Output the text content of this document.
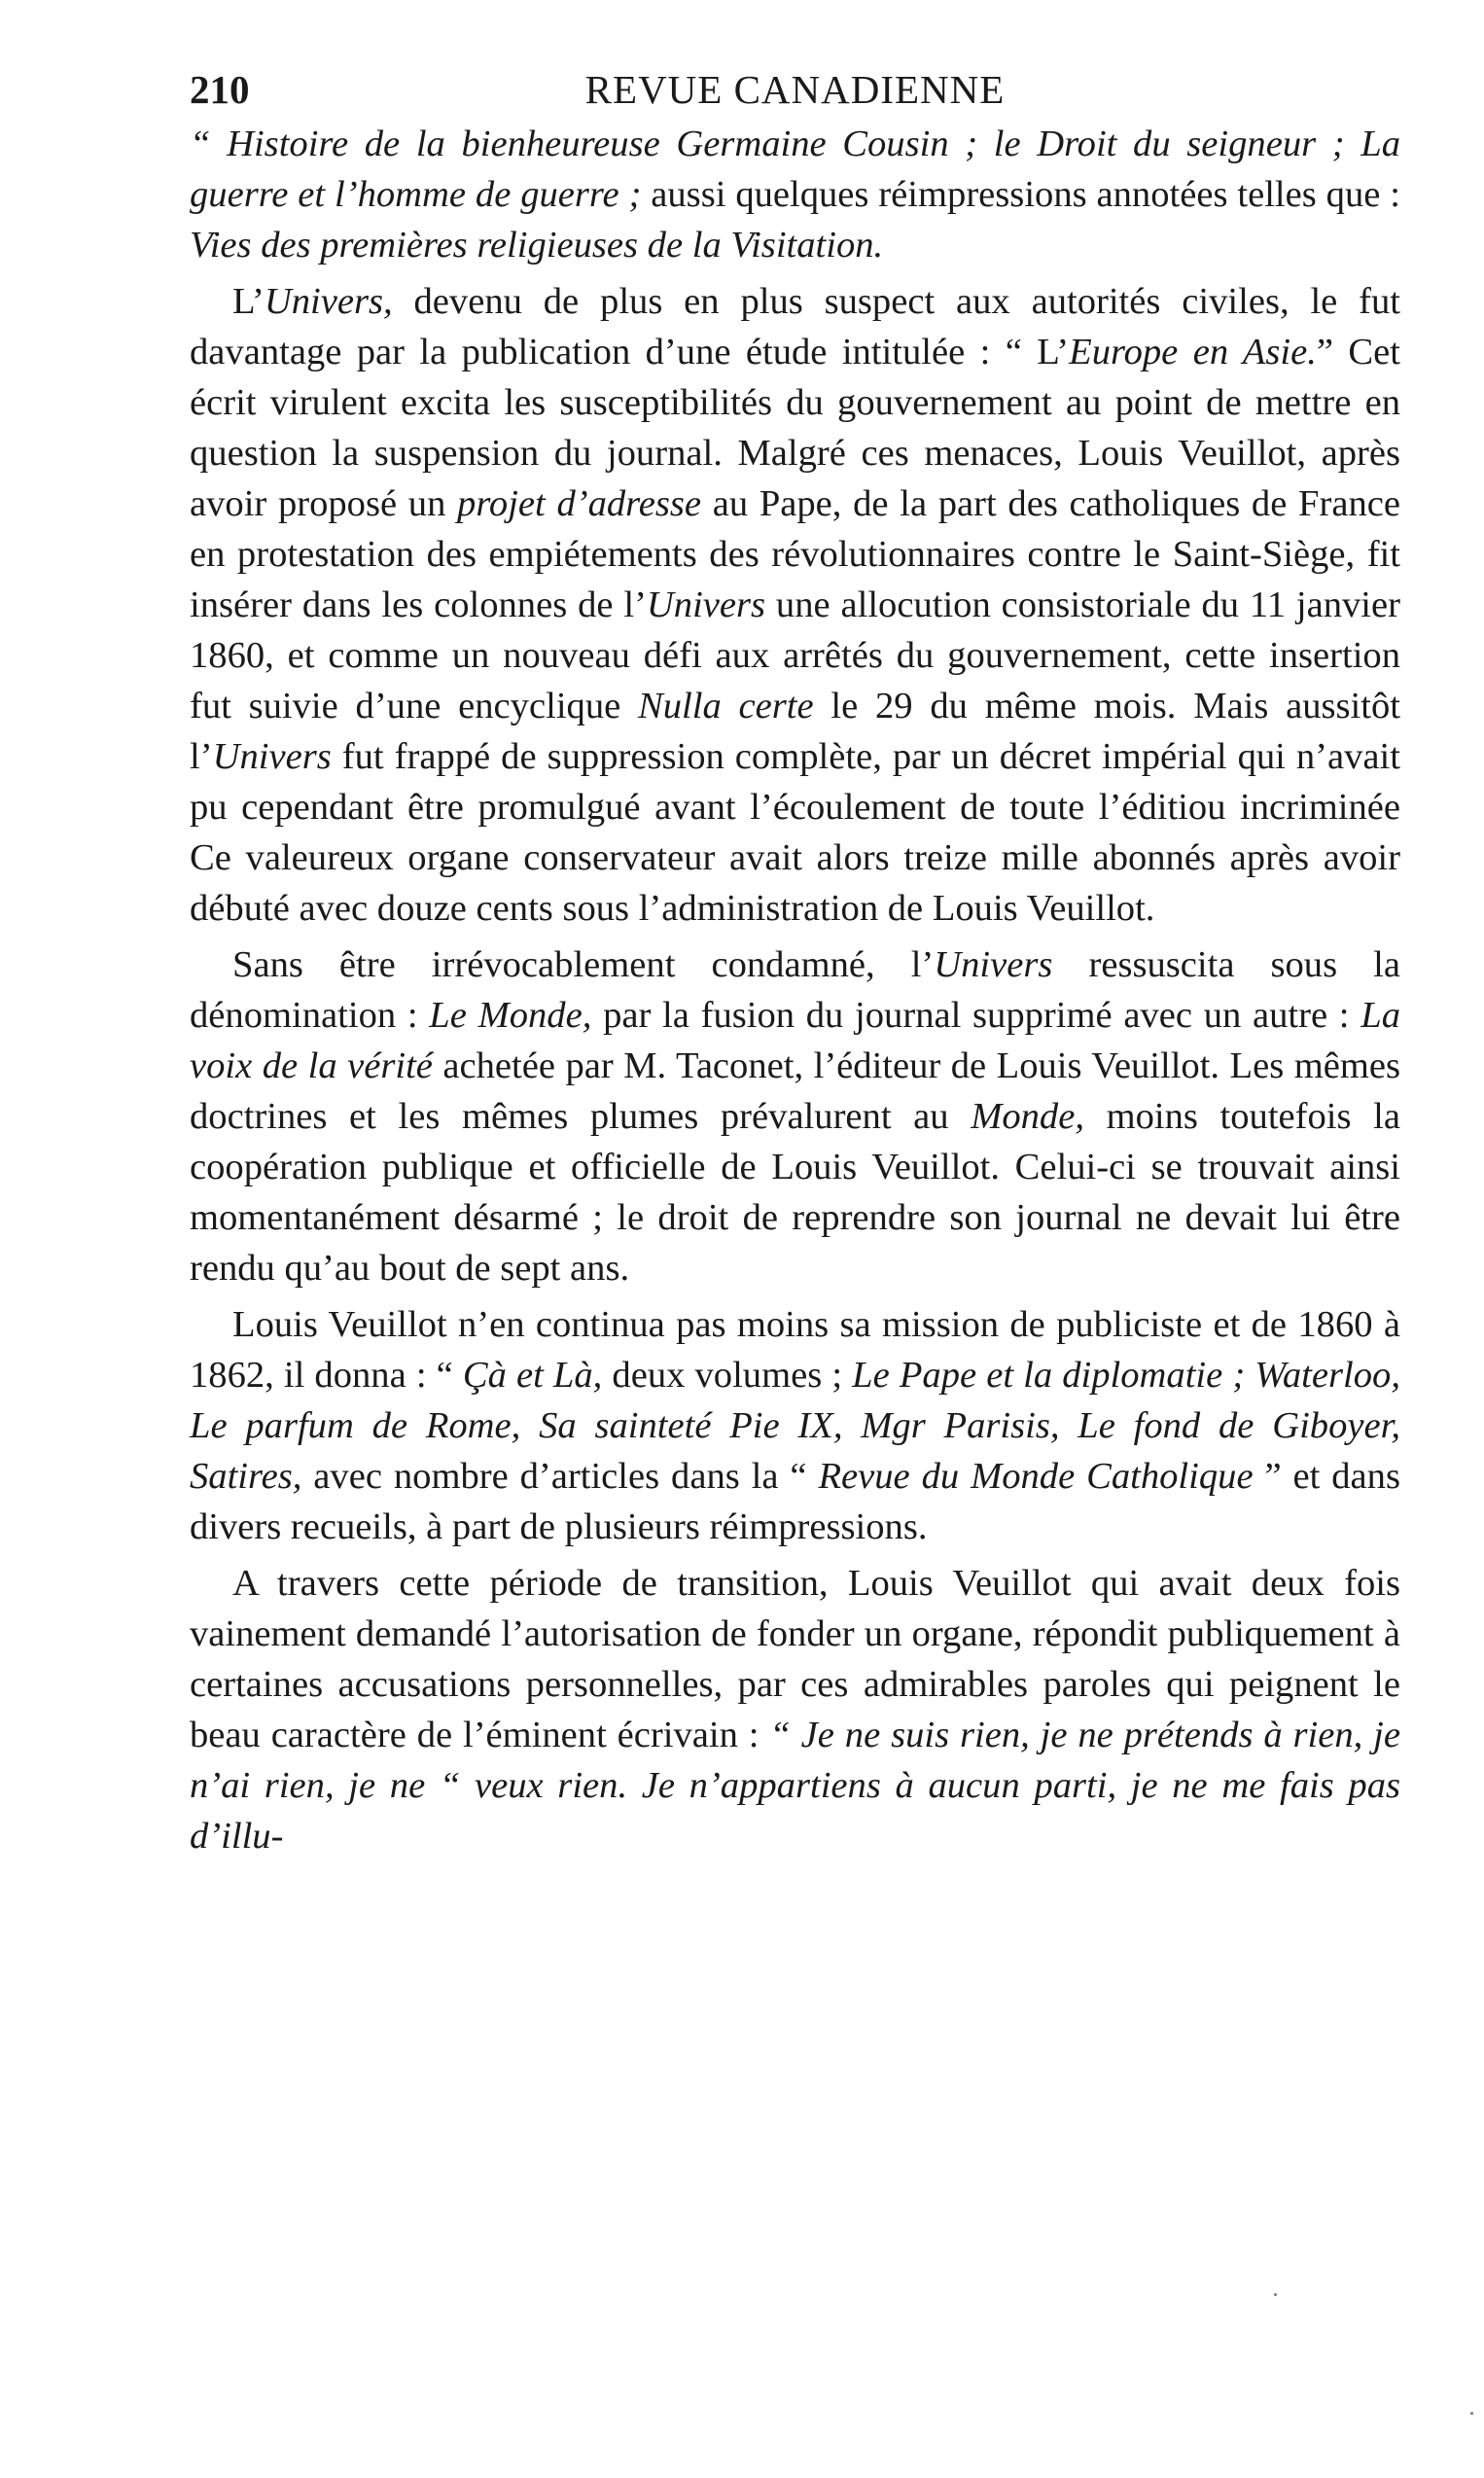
210	REVUE CANADIENNE

“ Histoire de la bienheureuse Germaine Cousin ; le Droit du seigneur ; La guerre et l’homme de guerre ; aussi quelques réimpressions annotées telles que : Vies des premières religieuses de la Visitation.

L’Univers, devenu de plus en plus suspect aux autorités civiles, le fut davantage par la publication d’une étude intitulée : “ L’Europe en Asie.” Cet écrit virulent excita les susceptibilités du gouvernement au point de mettre en question la suspension du journal. Malgré ces menaces, Louis Veuillot, après avoir proposé un projet d’adresse au Pape, de la part des catholiques de France en protestation des empiétements des révolutionnaires contre le Saint-Siège, fit insérer dans les colonnes de l’Univers une allocution consistoriale du 11 janvier 1860, et comme un nouveau défi aux arrêtés du gouvernement, cette insertion fut suivie d’une encyclique Nulla certe le 29 du même mois. Mais aussitôt l’Univers fut frappé de suppression complète, par un décret impérial qui n’avait pu cependant être promulgué avant l’écoulement de toute l’éditiou incriminée Ce valeureux organe conservateur avait alors treize mille abonnés après avoir débuté avec douze cents sous l’administration de Louis Veuillot.

Sans être irrévocablement condamné, l’Univers ressuscita sous la dénomination : Le Monde, par la fusion du journal supprimé avec un autre : La voix de la vérité achetée par M. Taconet, l’éditeur de Louis Veuillot. Les mêmes doctrines et les mêmes plumes prévalurent au Monde, moins toutefois la coopération publique et officielle de Louis Veuillot. Celui-ci se trouvait ainsi momentanément désarmé ; le droit de reprendre son journal ne devait lui être rendu qu’au bout de sept ans.

Louis Veuillot n’en continua pas moins sa mission de publiciste et de 1860 à 1862, il donna : “ Çà et Là, deux volumes ; Le Pape et la diplomatie ; Waterloo, Le parfum de Rome, Sa sainteté Pie IX, Mgr Parisis, Le fond de Giboyer, Satires, avec nombre d’articles dans la “ Revue du Monde Catholique ” et dans divers recueils, à part de plusieurs réimpressions.

A travers cette période de transition, Louis Veuillot qui avait deux fois vainement demandé l’autorisation de fonder un organe, répondit publiquement à certaines accusations personnelles, par ces admirables paroles qui peignent le beau caractère de l’éminent écrivain : “ Je ne suis rien, je ne prétends à rien, je n’ai rien, je ne “ veux rien. Je n’appartiens à aucun parti, je ne me fais pas d’illu-
